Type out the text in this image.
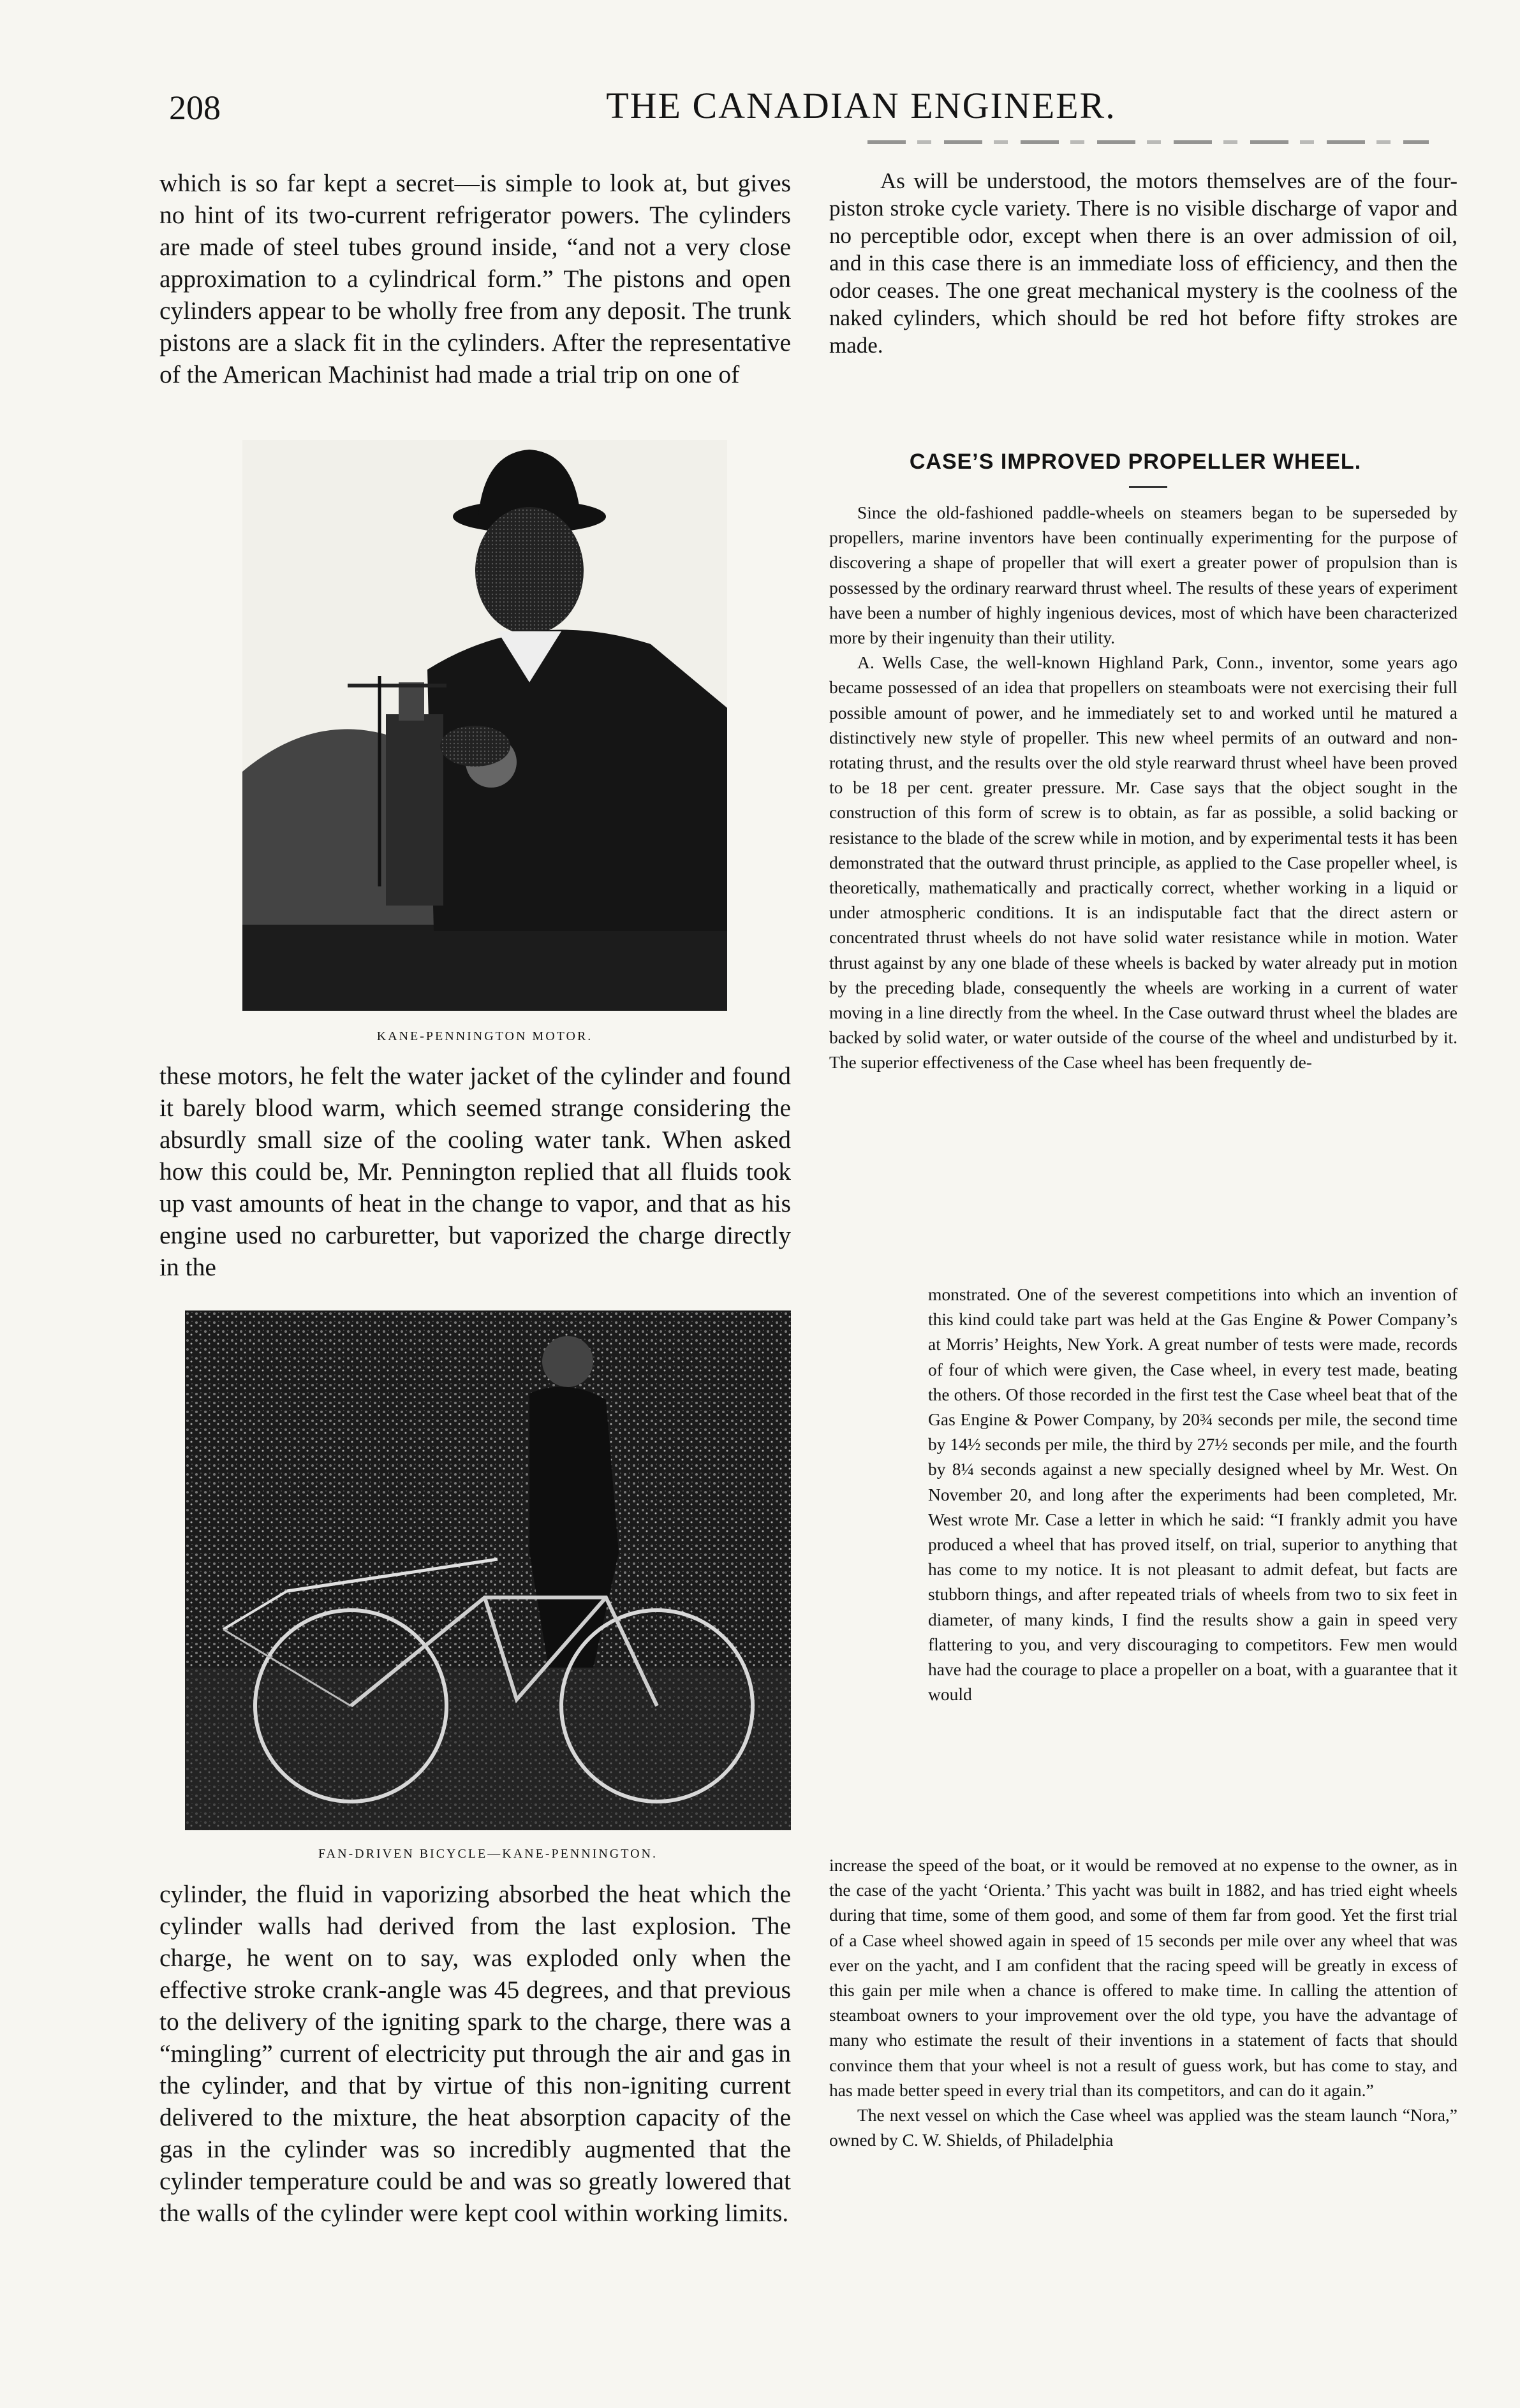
208	THE CANADIAN ENGINEER.
which is so far kept a secret—is simple to look at, but gives no hint of its two-current refrigerator powers. The cylinders are made of steel tubes ground inside, “and not a very close approximation to a cylindrical form.” The pistons and open cylinders appear to be wholly free from any deposit. The trunk pistons are a slack fit in the cylinders. After the representative of the American Machinist had made a trial trip on one of
KANE-PENNINGTON MOTOR.
these motors, he felt the water jacket of the cylinder and found it barely blood warm, which seemed strange considering the absurdly small size of the cooling water tank. When asked how this could be, Mr. Pennington replied that all fluids took up vast amounts of heat in the change to vapor, and that as his engine used no carburetter, but vaporized the charge directly in the
FAN-DRIVEN BICYCLE—KANE-PENNINGTON.
cylinder, the fluid in vaporizing absorbed the heat which the cylinder walls had derived from the last explosion. The charge, he went on to say, was exploded only when the effective stroke crank-angle was 45 degrees, and that previous to the delivery of the igniting spark to the charge, there was a “mingling” current of electricity put through the air and gas in the cylinder, and that by virtue of this non-igniting current delivered to the mixture, the heat absorption capacity of the gas in the cylinder was so incredibly augmented that the cylinder temperature could be and was so greatly lowered that the walls of the cylinder were kept cool within working limits.
As will be understood, the motors themselves are of the four-piston stroke cycle variety. There is no visible discharge of vapor and no perceptible odor, except when there is an over admission of oil, and in this case there is an immediate loss of efficiency, and then the odor ceases. The one great mechanical mystery is the coolness of the naked cylinders, which should be red hot before fifty strokes are made.
CASE’S IMPROVED PROPELLER WHEEL.

Since the old-fashioned paddle-wheels on steamers began to be superseded by propellers, marine inventors have been continually experimenting for the purpose of discovering a shape of propeller that will exert a greater power of propulsion than is possessed by the ordinary rearward thrust wheel. The results of these years of experiment have been a number of highly ingenious devices, most of which have been characterized more by their ingenuity than their utility.

A. Wells Case, the well-known Highland Park, Conn., inventor, some years ago became possessed of an idea that propellers on steamboats were not exercising their full possible amount of power, and he immediately set to and worked until he matured a distinctively new style of propeller. This new wheel permits of an outward and non-rotating thrust, and the results over the old style rearward thrust wheel have been proved to be 18 per cent. greater pressure. Mr. Case says that the object sought in the construction of this form of screw is to obtain, as far as possible, a solid backing or resistance to the blade of the screw while in motion, and by experimental tests it has been demonstrated that the outward thrust principle, as applied to the Case propeller wheel, is theoretically, mathematically and practically correct, whether working in a liquid or under atmospheric conditions. It is an indisputable fact that the direct astern or concentrated thrust wheels do not have solid water resistance while in motion. Water thrust against by any one blade of these wheels is backed by water already put in motion by the preceding blade, consequently the wheels are working in a current of water moving in a line directly from the wheel. In the Case outward thrust wheel the blades are backed by solid water, or water outside of the course of the wheel and undisturbed by it. The superior effectiveness of the Case wheel has been frequently de-

monstrated. One of the severest competitions into which an invention of this kind could take part was held at the Gas Engine & Power Company’s at Morris’ Heights, New York. A great number of tests were made, records of four of which were given, the Case wheel, in every test made, beating the others. Of those recorded in the first test the Case wheel beat that of the Gas Engine & Power Company, by 20¾ seconds per mile, the second time by 14½ seconds per mile, the third by 27½ seconds per mile, and the fourth by 8¼ seconds against a new specially designed wheel by Mr. West. On November 20, and long after the experiments had been completed, Mr. West wrote Mr. Case a letter in which he said: “I frankly admit you have produced a wheel that has proved itself, on trial, superior to anything that has come to my notice. It is not pleasant to admit defeat, but facts are stubborn things, and after repeated trials of wheels from two to six feet in diameter, of many kinds, I find the results show a gain in speed very flattering to you, and very discouraging to competitors. Few men would have had the courage to place a propeller on a boat, with a guarantee that it would

increase the speed of the boat, or it would be removed at no expense to the owner, as in the case of the yacht ‘Orienta.’ This yacht was built in 1882, and has tried eight wheels during that time, some of them good, and some of them far from good. Yet the first trial of a Case wheel showed again in speed of 15 seconds per mile over any wheel that was ever on the yacht, and I am confident that the racing speed will be greatly in excess of this gain per mile when a chance is offered to make time. In calling the attention of steamboat owners to your improvement over the old type, you have the advantage of many who estimate the result of their inventions in a statement of facts that should convince them that your wheel is not a result of guess work, but has come to stay, and has made better speed in every trial than its competitors, and can do it again.”

The next vessel on which the Case wheel was applied was the steam launch “Nora,” owned by C. W. Shields, of Philadelphia
